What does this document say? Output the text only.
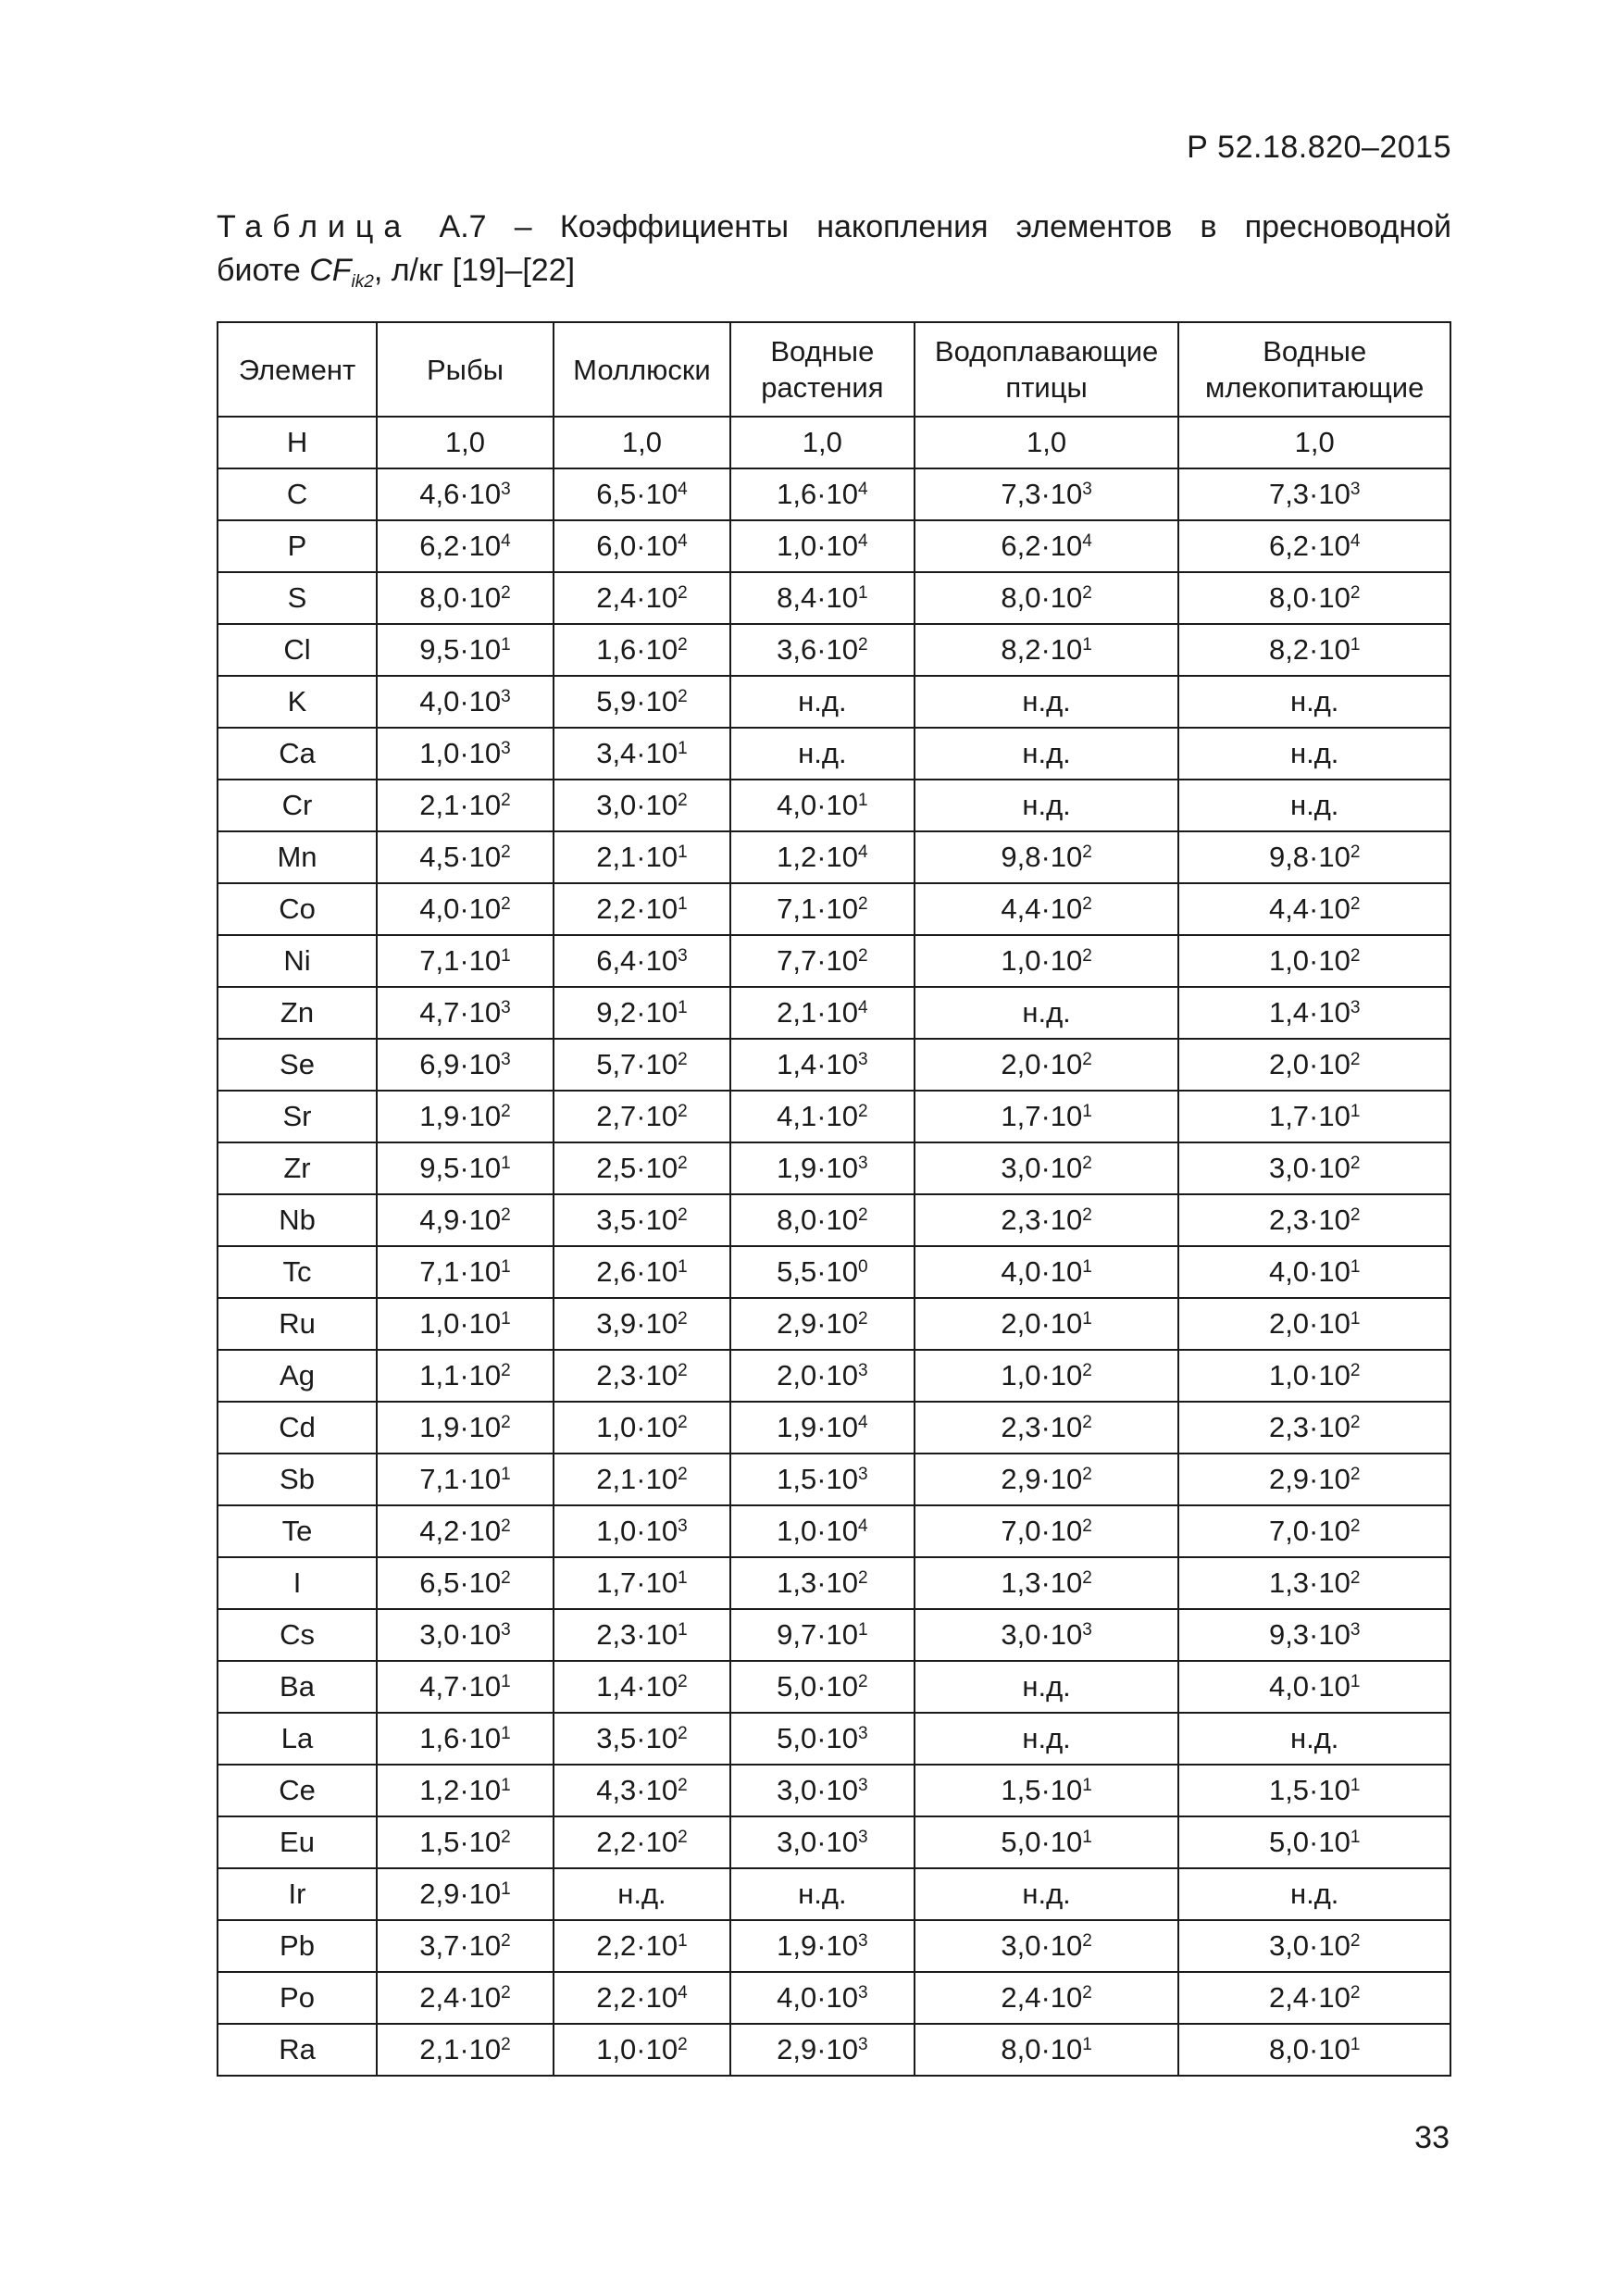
Р 52.18.820–2015
Таблица А.7 – Коэффициенты накопления элементов в пресноводной
биоте $CF_{ik2}$, л/кг [19]–[22]
Элемент	Рыбы	Моллюски	Водные растения	Водоплавающие птицы	Водные млекопитающие
H	1,0	1,0	1,0	1,0	1,0
C	$4,6\cdot 10^3$	$6,5\cdot 10^4$	$1,6\cdot 10^4$	$7,3\cdot 10^3$	$7,3\cdot 10^3$
P	$6,2\cdot 10^4$	$6,0\cdot 10^4$	$1,0\cdot 10^4$	$6,2\cdot 10^4$	$6,2\cdot 10^4$
S	$8,0\cdot 10^2$	$2,4\cdot 10^2$	$8,4\cdot 10^1$	$8,0\cdot 10^2$	$8,0\cdot 10^2$
Cl	$9,5\cdot 10^1$	$1,6\cdot 10^2$	$3,6\cdot 10^2$	$8,2\cdot 10^1$	$8,2\cdot 10^1$
K	$4,0\cdot 10^3$	$5,9\cdot 10^2$	н.д.	н.д.	н.д.
Ca	$1,0\cdot 10^3$	$3,4\cdot 10^1$	н.д.	н.д.	н.д.
Cr	$2,1\cdot 10^2$	$3,0\cdot 10^2$	$4,0\cdot 10^1$	н.д.	н.д.
Mn	$4,5\cdot 10^2$	$2,1\cdot 10^1$	$1,2\cdot 10^4$	$9,8\cdot 10^2$	$9,8\cdot 10^2$
Co	$4,0\cdot 10^2$	$2,2\cdot 10^1$	$7,1\cdot 10^2$	$4,4\cdot 10^2$	$4,4\cdot 10^2$
Ni	$7,1\cdot 10^1$	$6,4\cdot 10^3$	$7,7\cdot 10^2$	$1,0\cdot 10^2$	$1,0\cdot 10^2$
Zn	$4,7\cdot 10^3$	$9,2\cdot 10^1$	$2,1\cdot 10^4$	н.д.	$1,4\cdot 10^3$
Se	$6,9\cdot 10^3$	$5,7\cdot 10^2$	$1,4\cdot 10^3$	$2,0\cdot 10^2$	$2,0\cdot 10^2$
Sr	$1,9\cdot 10^2$	$2,7\cdot 10^2$	$4,1\cdot 10^2$	$1,7\cdot 10^1$	$1,7\cdot 10^1$
Zr	$9,5\cdot 10^1$	$2,5\cdot 10^2$	$1,9\cdot 10^3$	$3,0\cdot 10^2$	$3,0\cdot 10^2$
Nb	$4,9\cdot 10^2$	$3,5\cdot 10^2$	$8,0\cdot 10^2$	$2,3\cdot 10^2$	$2,3\cdot 10^2$
Tc	$7,1\cdot 10^1$	$2,6\cdot 10^1$	$5,5\cdot 10^0$	$4,0\cdot 10^1$	$4,0\cdot 10^1$
Ru	$1,0\cdot 10^1$	$3,9\cdot 10^2$	$2,9\cdot 10^2$	$2,0\cdot 10^1$	$2,0\cdot 10^1$
Ag	$1,1\cdot 10^2$	$2,3\cdot 10^2$	$2,0\cdot 10^3$	$1,0\cdot 10^2$	$1,0\cdot 10^2$
Cd	$1,9\cdot 10^2$	$1,0\cdot 10^2$	$1,9\cdot 10^4$	$2,3\cdot 10^2$	$2,3\cdot 10^2$
Sb	$7,1\cdot 10^1$	$2,1\cdot 10^2$	$1,5\cdot 10^3$	$2,9\cdot 10^2$	$2,9\cdot 10^2$
Te	$4,2\cdot 10^2$	$1,0\cdot 10^3$	$1,0\cdot 10^4$	$7,0\cdot 10^2$	$7,0\cdot 10^2$
I	$6,5\cdot 10^2$	$1,7\cdot 10^1$	$1,3\cdot 10^2$	$1,3\cdot 10^2$	$1,3\cdot 10^2$
Cs	$3,0\cdot 10^3$	$2,3\cdot 10^1$	$9,7\cdot 10^1$	$3,0\cdot 10^3$	$9,3\cdot 10^3$
Ba	$4,7\cdot 10^1$	$1,4\cdot 10^2$	$5,0\cdot 10^2$	н.д.	$4,0\cdot 10^1$
La	$1,6\cdot 10^1$	$3,5\cdot 10^2$	$5,0\cdot 10^3$	н.д.	н.д.
Ce	$1,2\cdot 10^1$	$4,3\cdot 10^2$	$3,0\cdot 10^3$	$1,5\cdot 10^1$	$1,5\cdot 10^1$
Eu	$1,5\cdot 10^2$	$2,2\cdot 10^2$	$3,0\cdot 10^3$	$5,0\cdot 10^1$	$5,0\cdot 10^1$
Ir	$2,9\cdot 10^1$	н.д.	н.д.	н.д.	н.д.
Pb	$3,7\cdot 10^2$	$2,2\cdot 10^1$	$1,9\cdot 10^3$	$3,0\cdot 10^2$	$3,0\cdot 10^2$
Po	$2,4\cdot 10^2$	$2,2\cdot 10^4$	$4,0\cdot 10^3$	$2,4\cdot 10^2$	$2,4\cdot 10^2$
Ra	$2,1\cdot 10^2$	$1,0\cdot 10^2$	$2,9\cdot 10^3$	$8,0\cdot 10^1$	$8,0\cdot 10^1$
33
